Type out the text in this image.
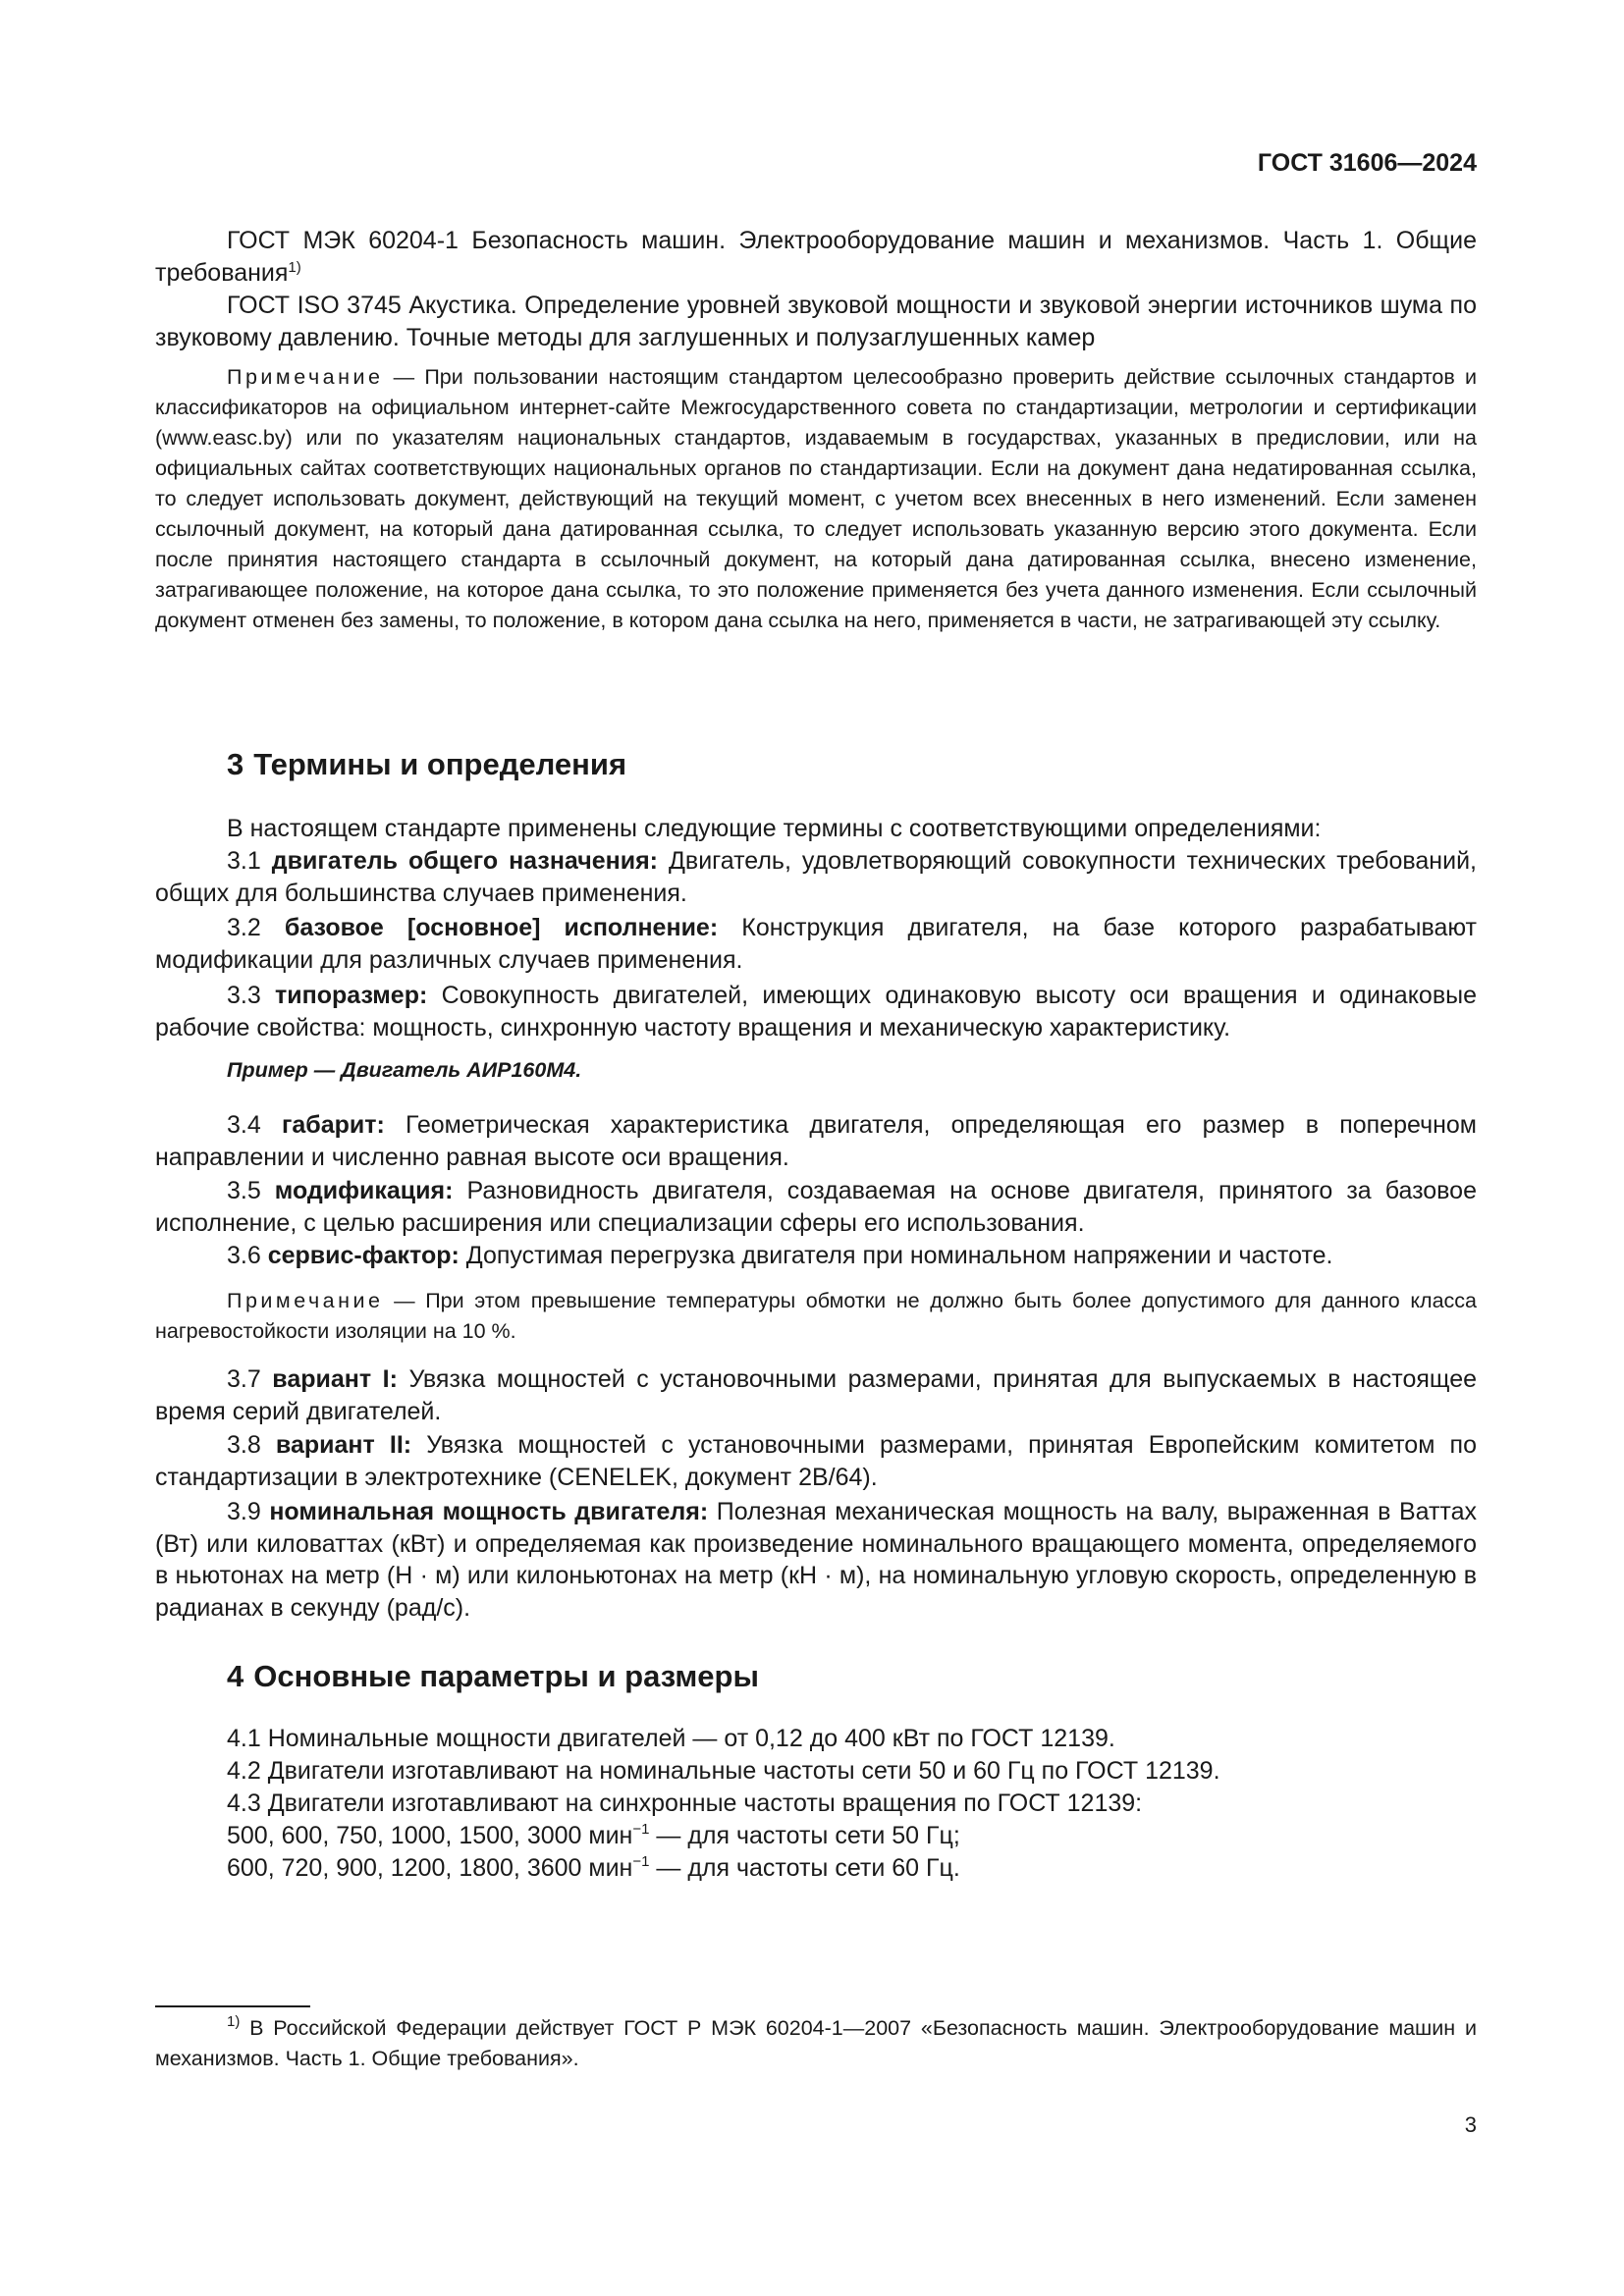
ГОСТ 31606—2024

ГОСТ МЭК 60204-1 Безопасность машин. Электрооборудование машин и механизмов. Часть 1. Общие требования$^{1)}$

ГОСТ ISO 3745 Акустика. Определение уровней звуковой мощности и звуковой энергии источников шума по звуковому давлению. Точные методы для заглушенных и полузаглушенных камер

Примечание — При пользовании настоящим стандартом целесообразно проверить действие ссылочных стандартов и классификаторов на официальном интернет-сайте Межгосударственного совета по стандартизации, метрологии и сертификации (www.easc.by) или по указателям национальных стандартов, издаваемым в государствах, указанных в предисловии, или на официальных сайтах соответствующих национальных органов по стандартизации. Если на документ дана недатированная ссылка, то следует использовать документ, действующий на текущий момент, с учетом всех внесенных в него изменений. Если заменен ссылочный документ, на который дана датированная ссылка, то следует использовать указанную версию этого документа. Если после принятия настоящего стандарта в ссылочный документ, на который дана датированная ссылка, внесено изменение, затрагивающее положение, на которое дана ссылка, то это положение применяется без учета данного изменения. Если ссылочный документ отменен без замены, то положение, в котором дана ссылка на него, применяется в части, не затрагивающей эту ссылку.

3 Термины и определения

В настоящем стандарте применены следующие термины с соответствующими определениями:

3.1 двигатель общего назначения: Двигатель, удовлетворяющий совокупности технических требований, общих для большинства случаев применения.

3.2 базовое [основное] исполнение: Конструкция двигателя, на базе которого разрабатывают модификации для различных случаев применения.

3.3 типоразмер: Совокупность двигателей, имеющих одинаковую высоту оси вращения и одинаковые рабочие свойства: мощность, синхронную частоту вращения и механическую характеристику.

Пример — Двигатель АИР160М4.

3.4 габарит: Геометрическая характеристика двигателя, определяющая его размер в поперечном направлении и численно равная высоте оси вращения.

3.5 модификация: Разновидность двигателя, создаваемая на основе двигателя, принятого за базовое исполнение, с целью расширения или специализации сферы его использования.

3.6 сервис-фактор: Допустимая перегрузка двигателя при номинальном напряжении и частоте.

Примечание — При этом превышение температуры обмотки не должно быть более допустимого для данного класса нагревостойкости изоляции на 10 %.

3.7 вариант I: Увязка мощностей с установочными размерами, принятая для выпускаемых в настоящее время серий двигателей.

3.8 вариант II: Увязка мощностей с установочными размерами, принятая Европейским комитетом по стандартизации в электротехнике (CENELEK, документ 2В/64).

3.9 номинальная мощность двигателя: Полезная механическая мощность на валу, выраженная в Ваттах (Вт) или киловаттах (кВт) и определяемая как произведение номинального вращающего момента, определяемого в ньютонах на метр (Н · м) или килоньютонах на метр (кН · м), на номинальную угловую скорость, определенную в радианах в секунду (рад/с).

4 Основные параметры и размеры

4.1 Номинальные мощности двигателей — от 0,12 до 400 кВт по ГОСТ 12139.

4.2 Двигатели изготавливают на номинальные частоты сети 50 и 60 Гц по ГОСТ 12139.

4.3 Двигатели изготавливают на синхронные частоты вращения по ГОСТ 12139:

500, 600, 750, 1000, 1500, 3000 мин$^{-1}$ — для частоты сети 50 Гц;

600, 720, 900, 1200, 1800, 3600 мин$^{-1}$ — для частоты сети 60 Гц.

$^{1)}$ В Российской Федерации действует ГОСТ Р МЭК 60204-1—2007 «Безопасность машин. Электрооборудование машин и механизмов. Часть 1. Общие требования».

3
